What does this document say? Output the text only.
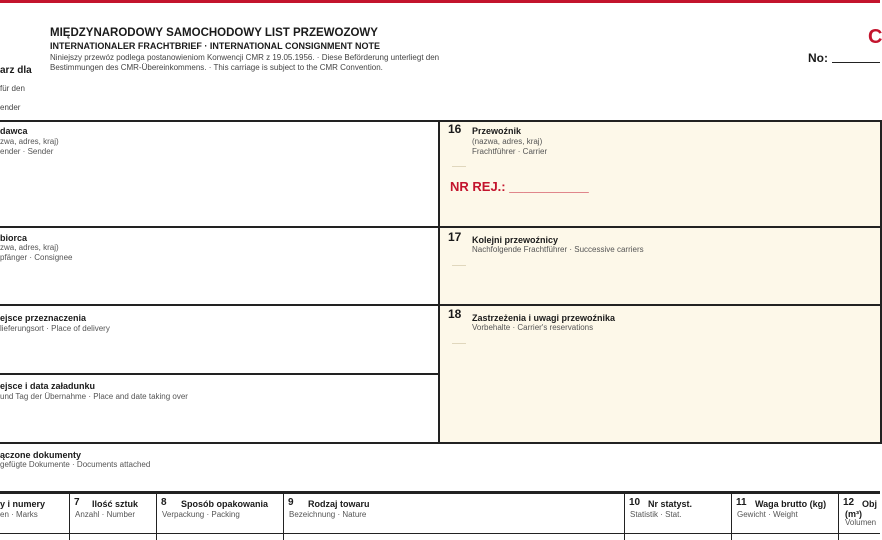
MIĘDZYNARODOWY SAMOCHODOWY LIST PRZEWOZOWY
INTERNATIONALER FRACHTBRIEF · INTERNATIONAL CONSIGNMENT NOTE
Niniejszy przewóz podlega postanowieniom Konwencji CMR z 19.05.1956. · Diese Beförderung unterliegt den
Bestimmungen des CMR-Übereinkommens. · This carriage is subject to the CMR Convention.
arz dla
für den
ender
No:
C
dawca
zwa, adres, kraj)
ender · Sender
biorca
zwa, adres, kraj)
pfänger · Consignee
ejsce przeznaczenia
lieferungsort · Place of delivery
ejsce i data załadunku
und Tag der Übernahme · Place and date taking over
16 Przewoźnik
(nazwa, adres, kraj)
Frachtführer · Carrier
NR REJ.: ___________
17 Kolejni przewoźnicy
Nachfolgende Frachtführer · Successive carriers
18 Zastrzeżenia i uwagi przewoźnika
Vorbehalte · Carrier's reservations
ączone dokumenty
gefügte Dokumente · Documents attached
y i numery
en · Marks
7 Ilość sztuk
Anzahl · Number
8 Sposób opakowania
Verpackung · Packing
9 Rodzaj towaru
Bezeichnung · Nature
10 Nr statyst.
Statistik · Stat.
11 Waga brutto (kg)
Gewicht · Weight
12 Obj
(m³)
Volumen
